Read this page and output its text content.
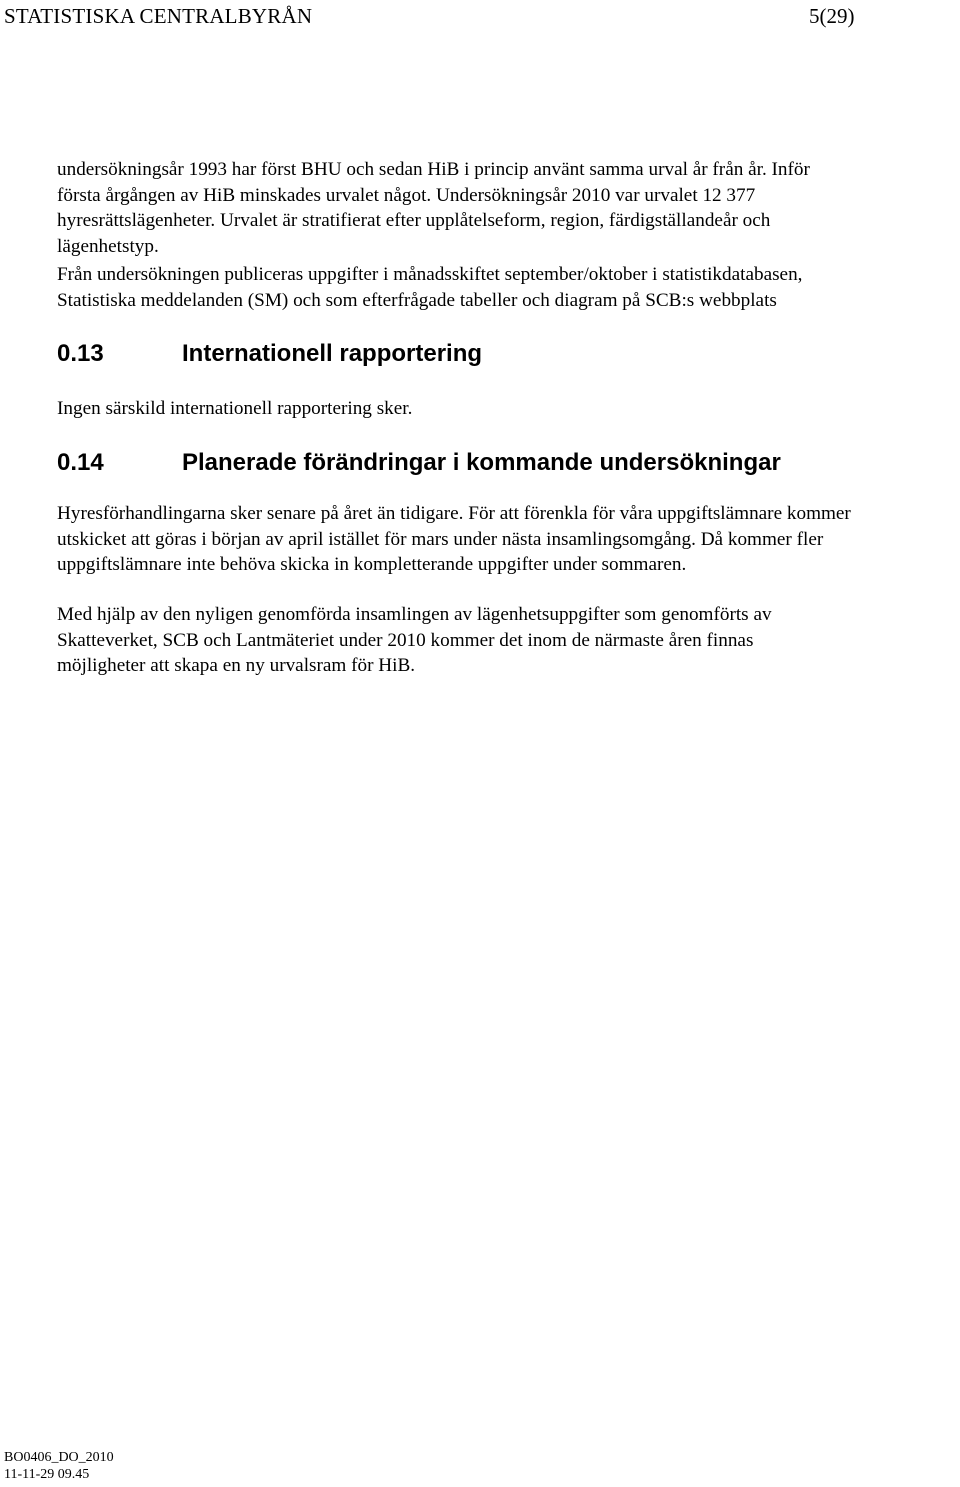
STATISTISKA CENTRALBYRÅN	5(29)

undersökningsår 1993 har först BHU och sedan HiB i princip använt samma urval år från år. Inför
första årgången av HiB minskades urvalet något. Undersökningsår 2010 var urvalet 12 377
hyresrättslägenheter. Urvalet är stratifierat efter upplåtelseform, region, färdigställandeår och
lägenhetstyp.

Från undersökningen publiceras uppgifter i månadsskiftet september/oktober i statistikdatabasen,
Statistiska meddelanden (SM) och som efterfrågade tabeller och diagram på SCB:s webbplats

0.13	Internationell rapportering

Ingen särskild internationell rapportering sker.

0.14	Planerade förändringar i kommande undersökningar

Hyresförhandlingarna sker senare på året än tidigare. För att förenkla för våra uppgiftslämnare kommer
utskicket att göras i början av april istället för mars under nästa insamlingsomgång. Då kommer fler
uppgiftslämnare inte behöva skicka in kompletterande uppgifter under sommaren.

Med hjälp av den nyligen genomförda insamlingen av lägenhetsuppgifter som genomförts av
Skatteverket, SCB och Lantmäteriet under 2010 kommer det inom de närmaste åren finnas
möjligheter att skapa en ny urvalsram för HiB.

BO0406_DO_2010
11-11-29 09.45
